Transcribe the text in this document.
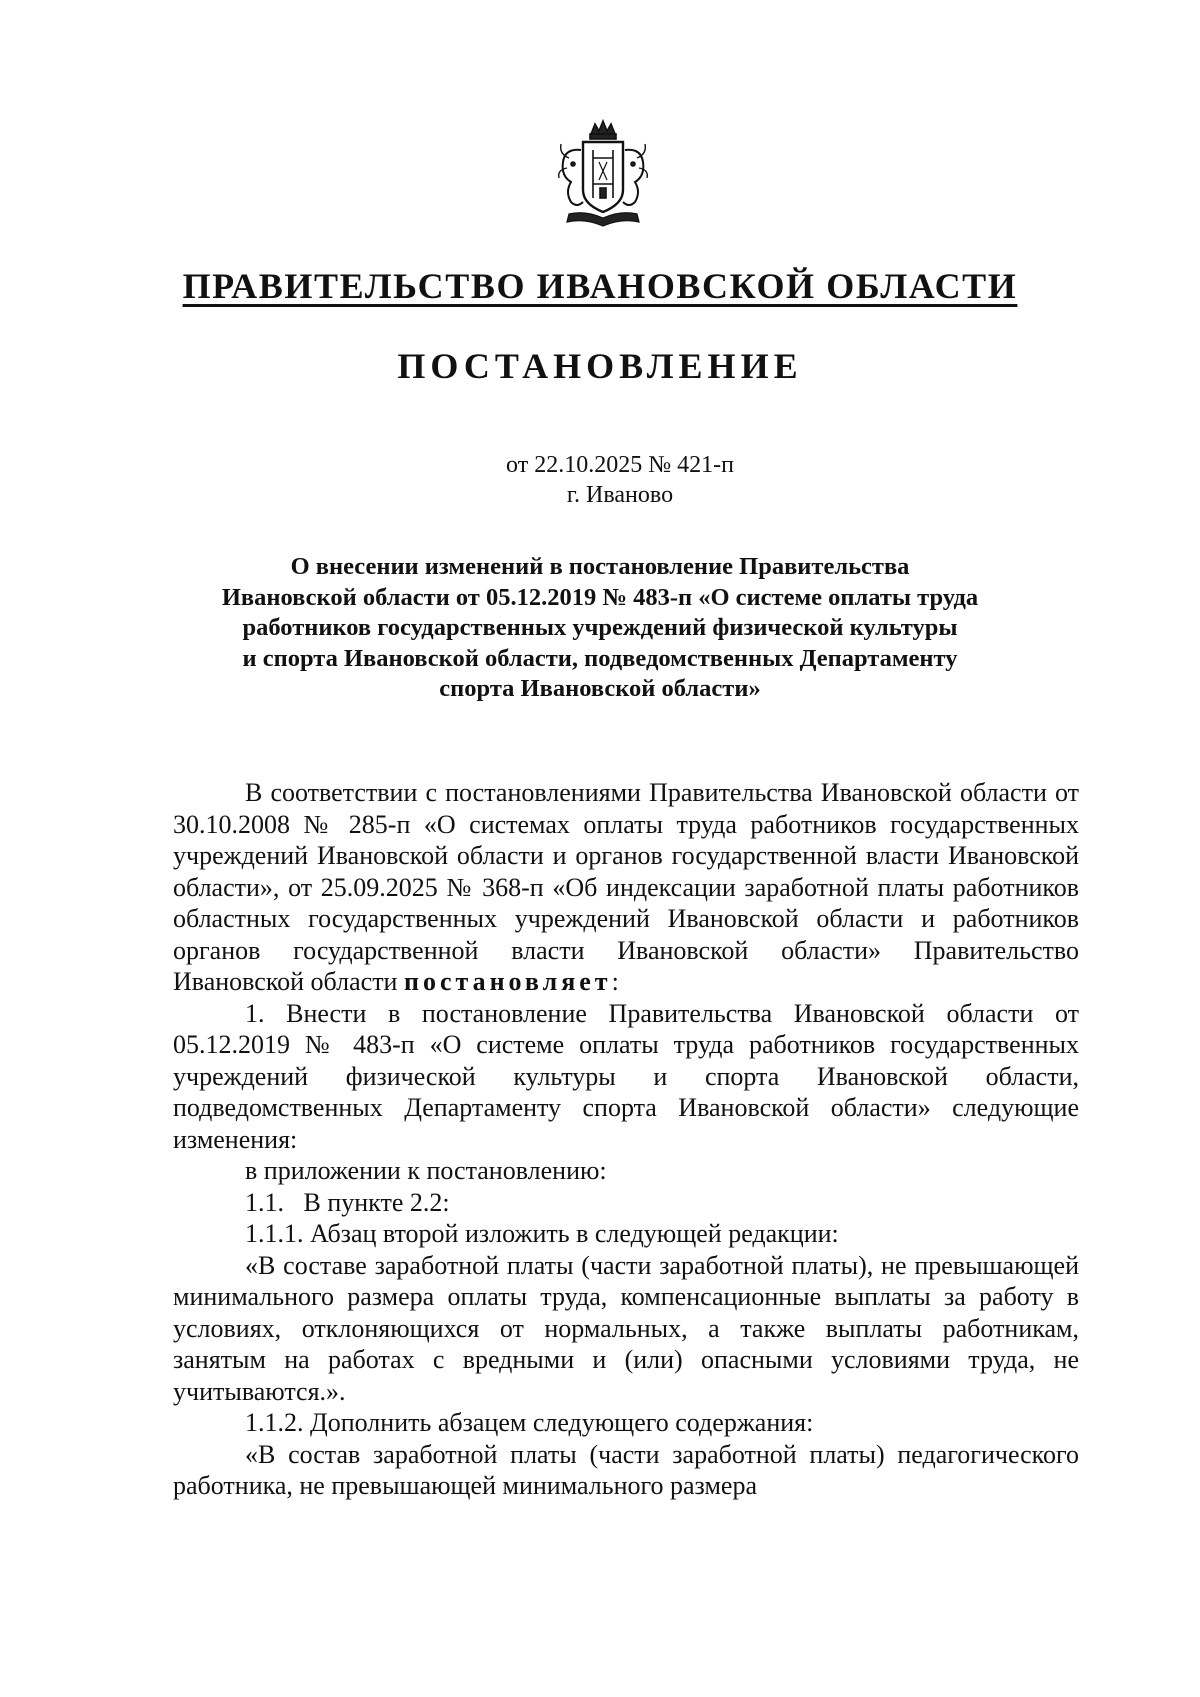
ПРАВИТЕЛЬСТВО ИВАНОВСКОЙ ОБЛАСТИ
ПОСТАНОВЛЕНИЕ
от 22.10.2025 № 421-п
г. Иваново
О внесении изменений в постановление Правительства
Ивановской области от 05.12.2019 № 483-п «О системе оплаты труда
работников государственных учреждений физической культуры
и спорта Ивановской области, подведомственных Департаменту
спорта Ивановской области»

В соответствии с постановлениями Правительства Ивановской области от 30.10.2008 № 285-п «О системах оплаты труда работников государственных учреждений Ивановской области и органов государственной власти Ивановской области», от 25.09.2025 № 368-п «Об индексации заработной платы работников областных государственных учреждений Ивановской области и работников органов государственной власти Ивановской области» Правительство Ивановской области постановляет:

1. Внести в постановление Правительства Ивановской области от 05.12.2019 № 483-п «О системе оплаты труда работников государственных учреждений физической культуры и спорта Ивановской области, подведомственных Департаменту спорта Ивановской области» следующие изменения:

в приложении к постановлению:

1.1.   В пункте 2.2:

1.1.1. Абзац второй изложить в следующей редакции:

«В составе заработной платы (части заработной платы), не превышающей минимального размера оплаты труда, компенсационные выплаты за работу в условиях, отклоняющихся от нормальных, а также выплаты работникам, занятым на работах с вредными и (или) опасными условиями труда, не учитываются.».

1.1.2. Дополнить абзацем следующего содержания:

«В состав заработной платы (части заработной платы) педагогического работника, не превышающей минимального размера
